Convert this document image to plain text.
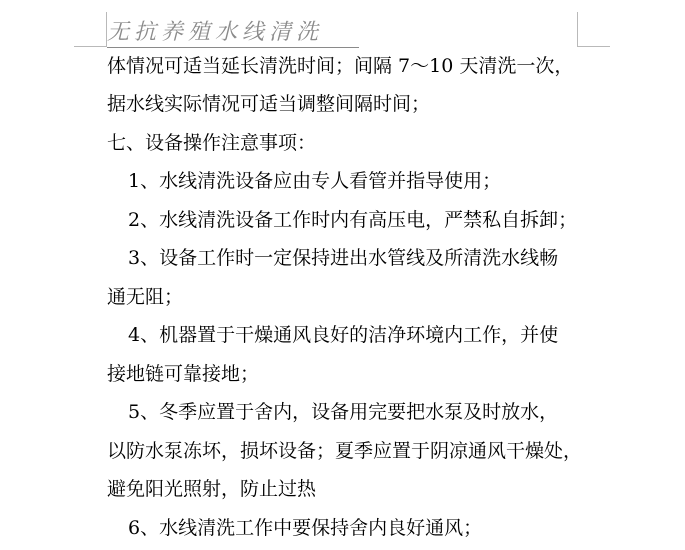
无抗养殖水线清洗
体情况可适当延长清洗时间；间隔 7～10 天清洗一次，
据水线实际情况可适当调整间隔时间；
七、设备操作注意事项：
1、水线清洗设备应由专人看管并指导使用；
2、水线清洗设备工作时内有高压电，严禁私自拆卸；
3、设备工作时一定保持进出水管线及所清洗水线畅
通无阻；
4、机器置于干燥通风良好的洁净环境内工作，并使
接地链可靠接地；
5、冬季应置于舍内，设备用完要把水泵及时放水，
以防水泵冻坏，损坏设备；夏季应置于阴凉通风干燥处，
避免阳光照射，防止过热
6、水线清洗工作中要保持舍内良好通风；
